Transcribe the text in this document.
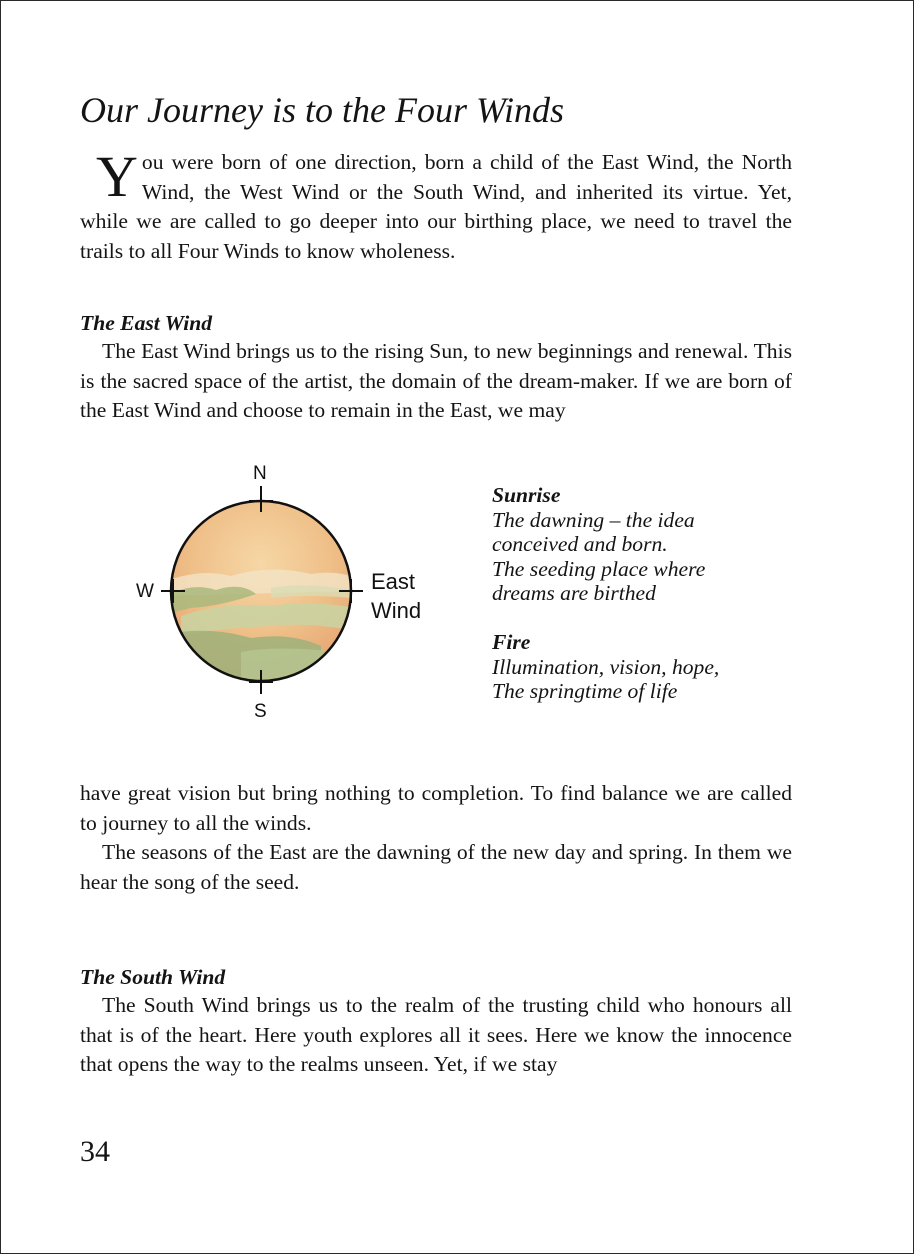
Our Journey is to the Four Winds
You were born of one direction, born a child of the East Wind, the North Wind, the West Wind or the South Wind, and inherited its virtue. Yet, while we are called to go deeper into our birthing place, we need to travel the trails to all Four Winds to know wholeness.
The East Wind

The East Wind brings us to the rising Sun, to new beginnings and renewal. This is the sacred space of the artist, the domain of the dream-maker. If we are born of the East Wind and choose to remain in the East, we may

N
S
W	East
Wind
Sunrise
The dawning – the idea
conceived and born.
The seeding place where
dreams are birthed
Fire
Illumination, vision, hope,
The springtime of life

have great vision but bring nothing to completion. To find balance we are called to journey to all the winds.

The seasons of the East are the dawning of the new day and spring. In them we hear the song of the seed.

The South Wind

The South Wind brings us to the realm of the trusting child who honours all that is of the heart. Here youth explores all it sees. Here we know the innocence that opens the way to the realms unseen. Yet, if we stay

34
